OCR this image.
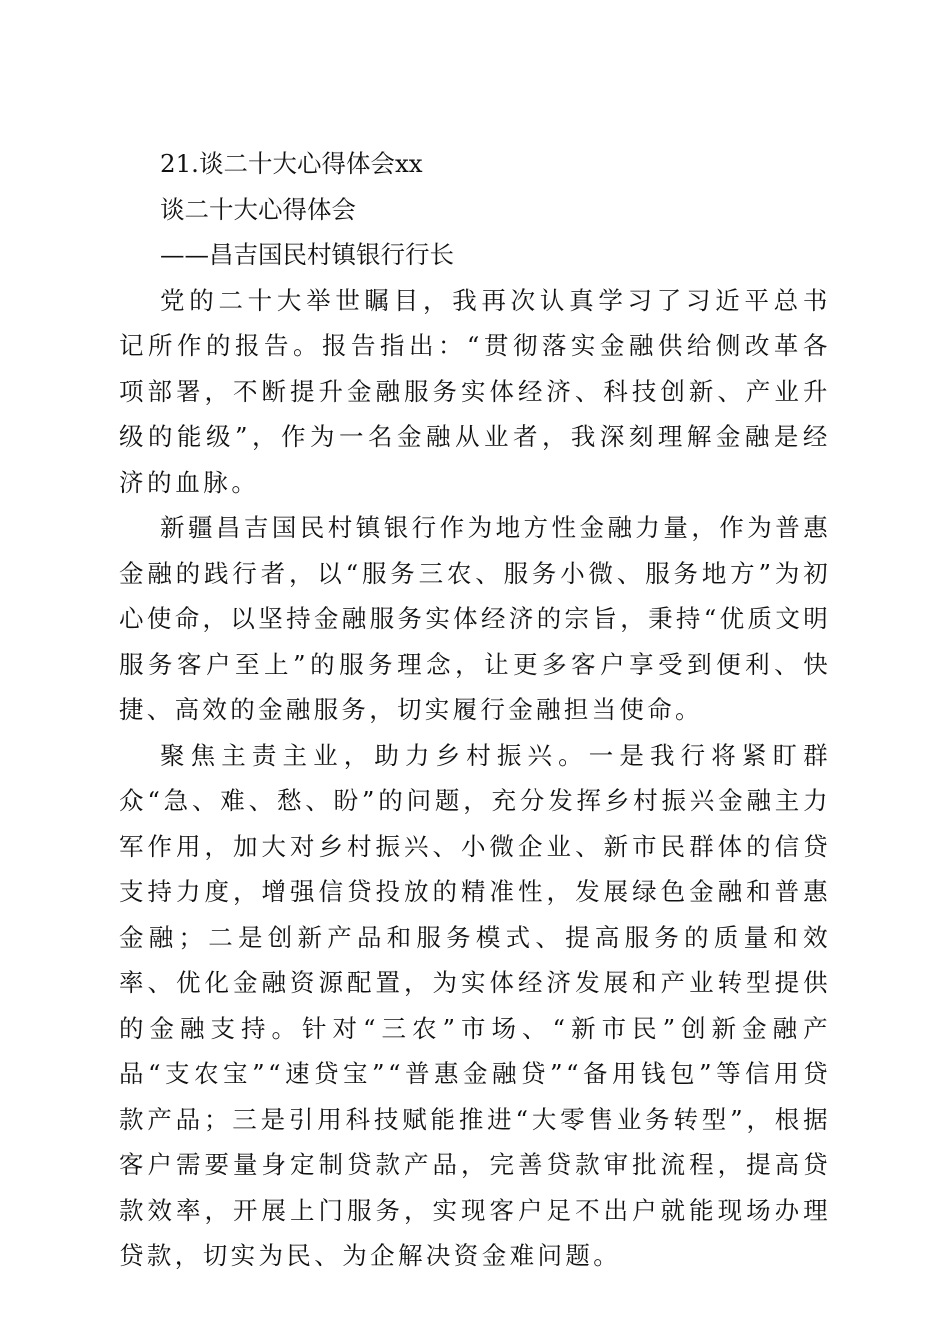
21.谈二十大心得体会xx

谈二十大心得体会

——昌吉国民村镇银行行长

党的二十大举世瞩目，我再次认真学习了习近平总书记所作的报告。报告指出：“贯彻落实金融供给侧改革各项部署，不断提升金融服务实体经济、科技创新、产业升级的能级”，作为一名金融从业者，我深刻理解金融是经济的血脉。

新疆昌吉国民村镇银行作为地方性金融力量，作为普惠金融的践行者，以“服务三农、服务小微、服务地方”为初心使命，以坚持金融服务实体经济的宗旨，秉持“优质文明服务客户至上”的服务理念，让更多客户享受到便利、快捷、高效的金融服务，切实履行金融担当使命。

聚焦主责主业，助力乡村振兴。一是我行将紧盯群众“急、难、愁、盼”的问题，充分发挥乡村振兴金融主力军作用，加大对乡村振兴、小微企业、新市民群体的信贷支持力度，增强信贷投放的精准性，发展绿色金融和普惠金融；二是创新产品和服务模式、提高服务的质量和效率、优化金融资源配置，为实体经济发展和产业转型提供的金融支持。针对“三农”市场、“新市民”创新金融产品“支农宝”“速贷宝”“普惠金融贷”“备用钱包”等信用贷款产品；三是引用科技赋能推进“大零售业务转型”，根据客户需要量身定制贷款产品，完善贷款审批流程，提高贷款效率，开展上门服务，实现客户足不出户就能现场办理贷款，切实为民、为企解决资金难问题。
